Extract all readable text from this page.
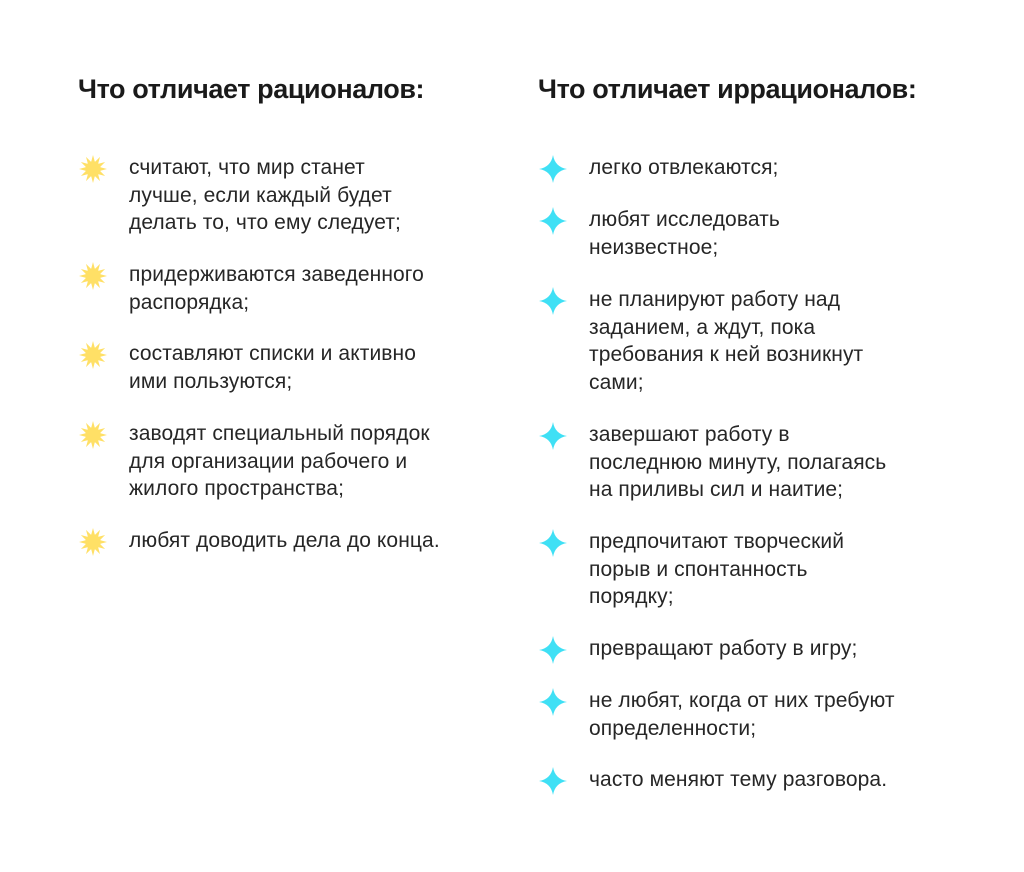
Что отличает рационалов:
считают, что мир станет
лучше, если каждый будет
делать то, что ему следует;
придерживаются заведенного
распорядка;
составляют списки и активно
ими пользуются;
заводят специальный порядок
для организации рабочего и
жилого пространства;
любят доводить дела до конца.
Что отличает иррационалов:
легко отвлекаются;
любят исследовать
неизвестное;
не планируют работу над
заданием, а ждут, пока
требования к ней возникнут
сами;
завершают работу в
последнюю минуту, полагаясь
на приливы сил и наитие;
предпочитают творческий
порыв и спонтанность
порядку;
превращают работу в игру;
не любят, когда от них требуют
определенности;
часто меняют тему разговора.
